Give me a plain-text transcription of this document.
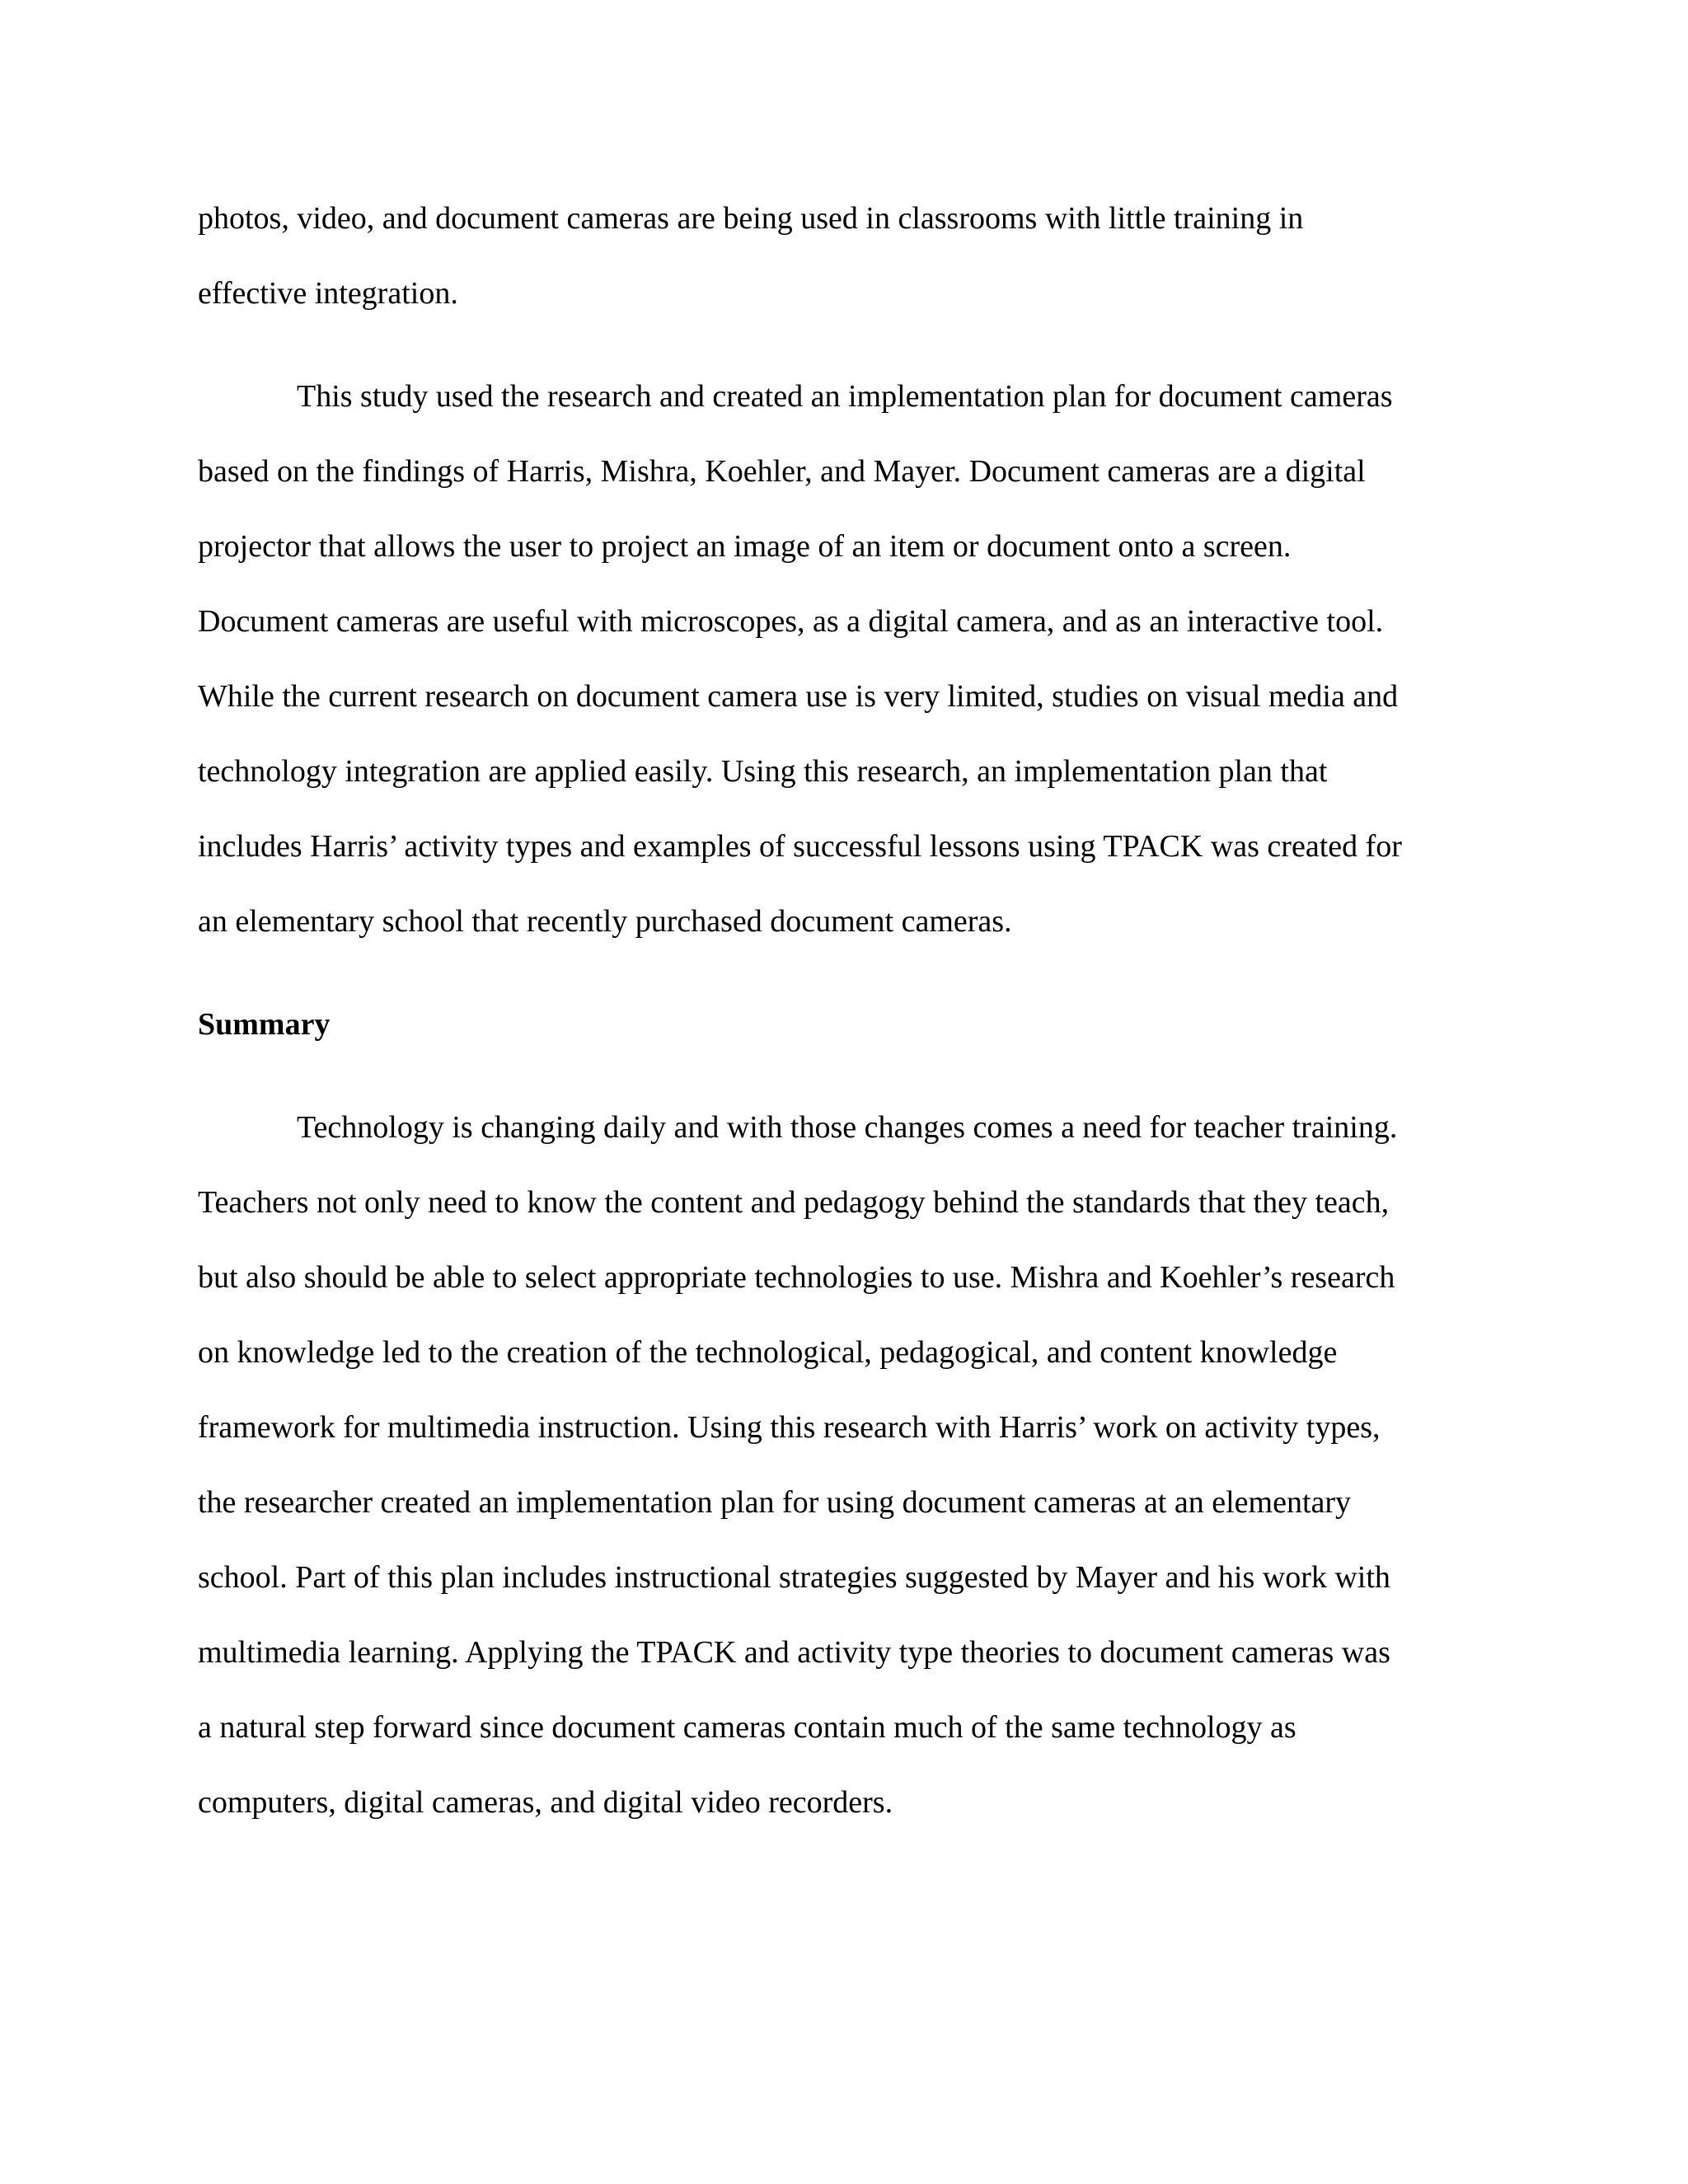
photos, video, and document cameras are being used in classrooms with little training in

effective integration.

This study used the research and created an implementation plan for document cameras

based on the findings of Harris, Mishra, Koehler, and Mayer. Document cameras are a digital

projector that allows the user to project an image of an item or document onto a screen.

Document cameras are useful with microscopes, as a digital camera, and as an interactive tool.

While the current research on document camera use is very limited, studies on visual media and

technology integration are applied easily. Using this research, an implementation plan that

includes Harris’ activity types and examples of successful lessons using TPACK was created for

an elementary school that recently purchased document cameras.

Summary

Technology is changing daily and with those changes comes a need for teacher training.

Teachers not only need to know the content and pedagogy behind the standards that they teach,

but also should be able to select appropriate technologies to use. Mishra and Koehler’s research

on knowledge led to the creation of the technological, pedagogical, and content knowledge

framework for multimedia instruction. Using this research with Harris’ work on activity types,

the researcher created an implementation plan for using document cameras at an elementary

school. Part of this plan includes instructional strategies suggested by Mayer and his work with

multimedia learning. Applying the TPACK and activity type theories to document cameras was

a natural step forward since document cameras contain much of the same technology as

computers, digital cameras, and digital video recorders.
